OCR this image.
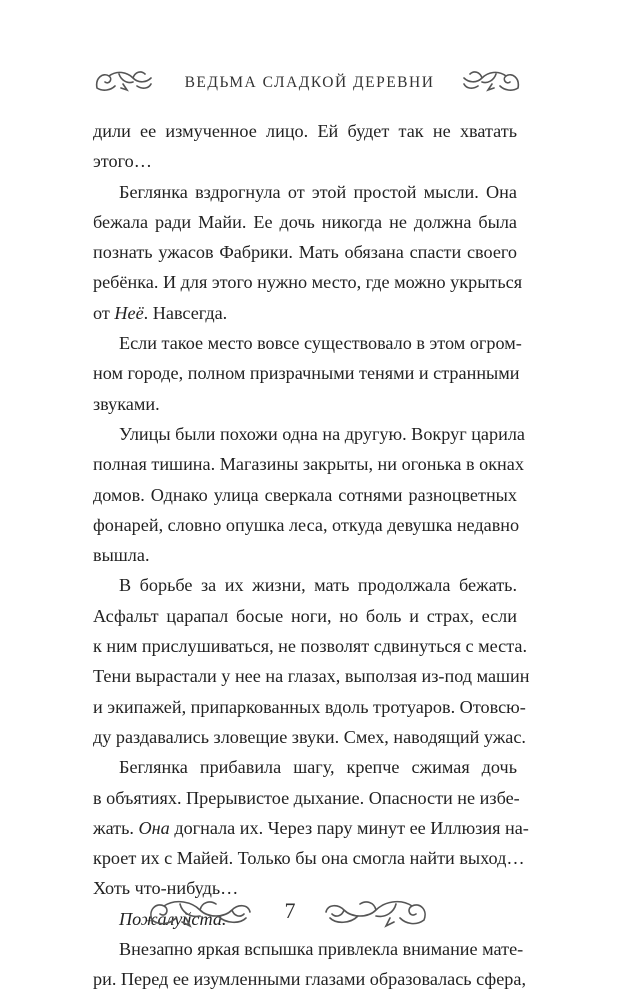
ВЕДЬМА СЛАДКОЙ ДЕРЕВНИ
дили ее измученное лицо. Ей будет так не хватать
этого…
Беглянка вздрогнула от этой простой мысли. Она
бежала ради Майи. Ее дочь никогда не должна была
познать ужасов Фабрики. Мать обязана спасти своего
ребёнка. И для этого нужно место, где можно укрыться
от Неё. Навсегда.
Если такое место вовсе существовало в этом огром-
ном городе, полном призрачными тенями и странными
звуками.
Улицы были похожи одна на другую. Вокруг царила
полная тишина. Магазины закрыты, ни огонька в окнах
домов. Однако улица сверкала сотнями разноцветных
фонарей, словно опушка леса, откуда девушка недавно
вышла.
В борьбе за их жизни, мать продолжала бежать.
Асфальт царапал босые ноги, но боль и страх, если
к ним прислушиваться, не позволят сдвинуться с места.
Тени вырастали у нее на глазах, выползая из-под машин
и экипажей, припаркованных вдоль тротуаров. Отовсю-
ду раздавались зловещие звуки. Смех, наводящий ужас.
Беглянка прибавила шагу, крепче сжимая дочь
в объятиях. Прерывистое дыхание. Опасности не избе-
жать. Она догнала их. Через пару минут ее Иллюзия на-
кроет их с Майей. Только бы она смогла найти выход…
Хоть что-нибудь…
Пожалуйста.
Внезапно яркая вспышка привлекла внимание мате-
ри. Перед ее изумленными глазами образовалась сфера,
7
